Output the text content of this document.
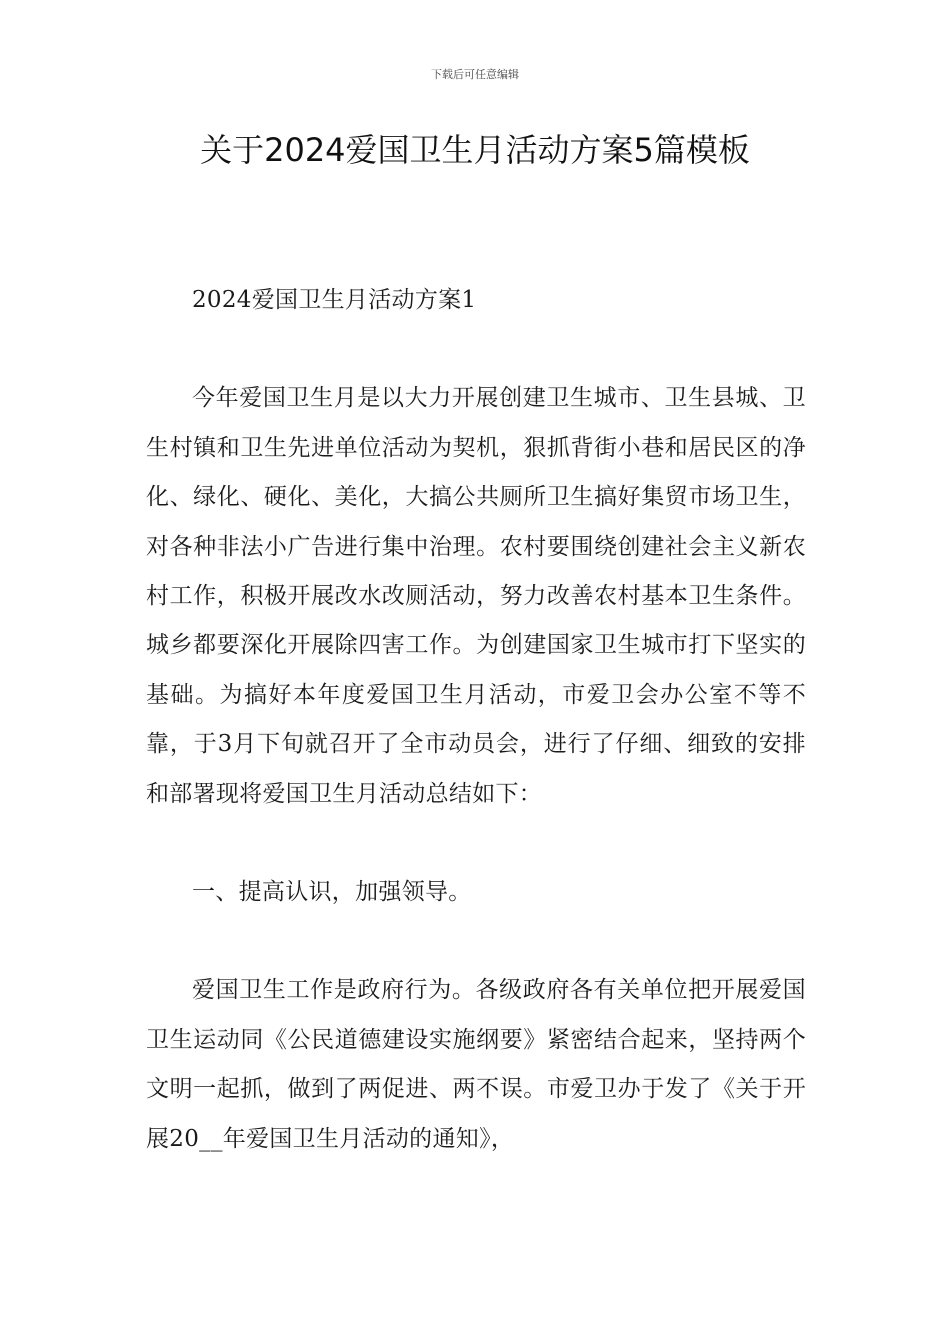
下载后可任意编辑
关于2024爱国卫生月活动方案5篇模板

2024爱国卫生月活动方案1

今年爱国卫生月是以大力开展创建卫生城市、卫生县城、卫生村镇和卫生先进单位活动为契机，狠抓背街小巷和居民区的净化、绿化、硬化、美化，大搞公共厕所卫生搞好集贸市场卫生，对各种非法小广告进行集中治理。农村要围绕创建社会主义新农村工作，积极开展改水改厕活动，努力改善农村基本卫生条件。城乡都要深化开展除四害工作。为创建国家卫生城市打下坚实的基础。为搞好本年度爱国卫生月活动，市爱卫会办公室不等不靠，于3月下旬就召开了全市动员会，进行了仔细、细致的安排和部署现将爱国卫生月活动总结如下：

一、提高认识，加强领导。

爱国卫生工作是政府行为。各级政府各有关单位把开展爱国卫生运动同《公民道德建设实施纲要》紧密结合起来，坚持两个文明一起抓，做到了两促进、两不误。市爱卫办于发了《关于开展20__年爱国卫生月活动的通知》，
